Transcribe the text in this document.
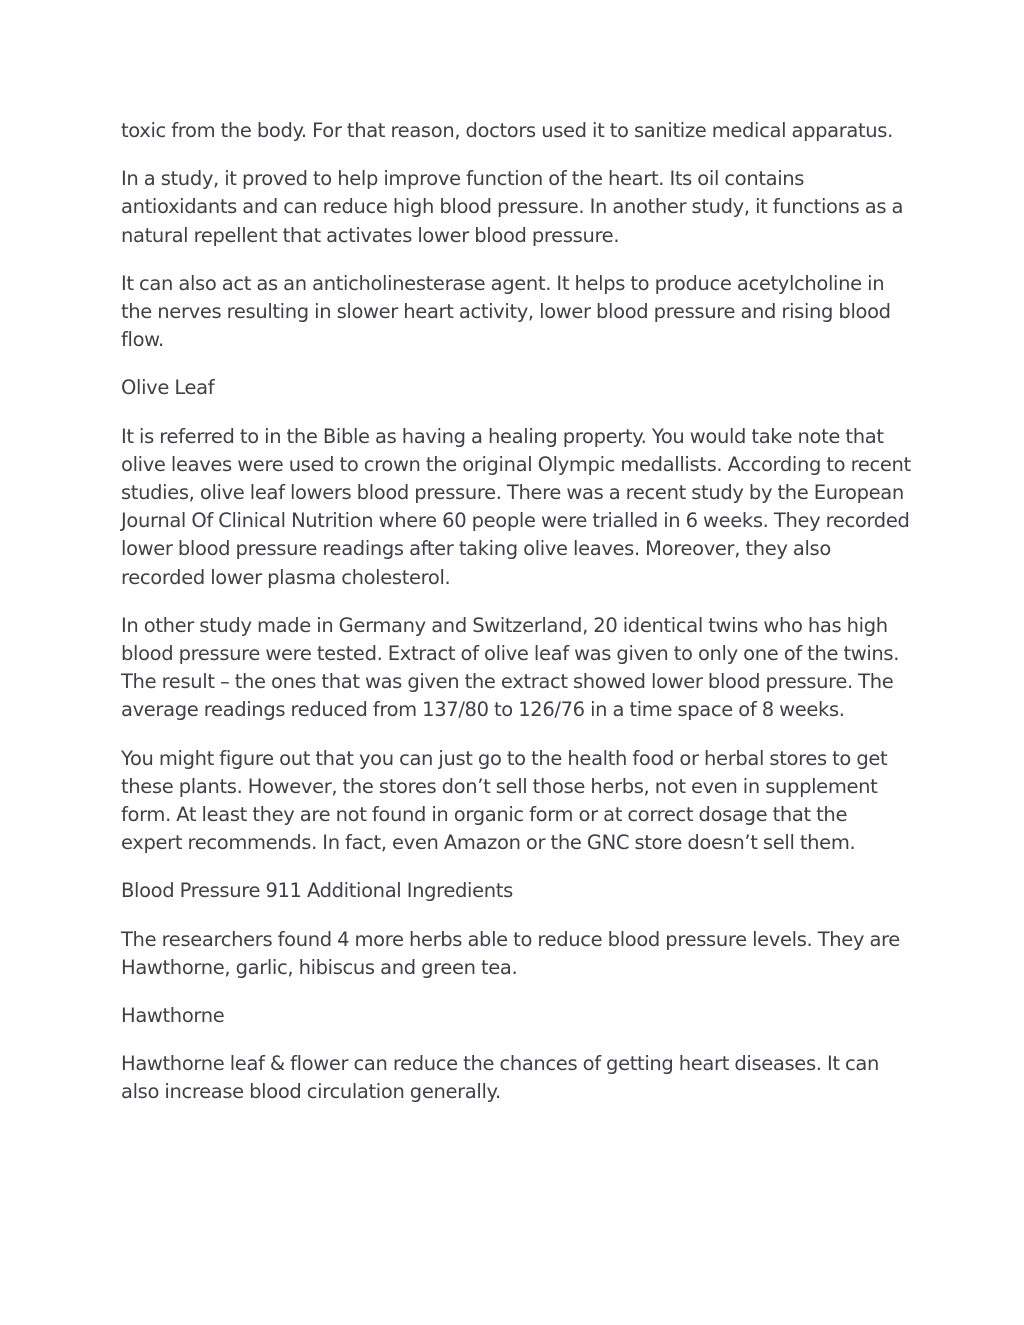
toxic from the body. For that reason, doctors used it to sanitize medical apparatus.

In a study, it proved to help improve function of the heart. Its oil contains antioxidants and can reduce high blood pressure. In another study, it functions as a natural repellent that activates lower blood pressure.

It can also act as an anticholinesterase agent. It helps to produce acetylcholine in the nerves resulting in slower heart activity, lower blood pressure and rising blood flow.

Olive Leaf

It is referred to in the Bible as having a healing property. You would take note that olive leaves were used to crown the original Olympic medallists. According to recent studies, olive leaf lowers blood pressure. There was a recent study by the European Journal Of Clinical Nutrition where 60 people were trialled in 6 weeks. They recorded lower blood pressure readings after taking olive leaves. Moreover, they also recorded lower plasma cholesterol.

In other study made in Germany and Switzerland, 20 identical twins who has high blood pressure were tested. Extract of olive leaf was given to only one of the twins. The result – the ones that was given the extract showed lower blood pressure. The average readings reduced from 137/80 to 126/76 in a time space of 8 weeks.

You might figure out that you can just go to the health food or herbal stores to get these plants. However, the stores don’t sell those herbs, not even in supplement form. At least they are not found in organic form or at correct dosage that the expert recommends. In fact, even Amazon or the GNC store doesn’t sell them.

Blood Pressure 911 Additional Ingredients

The researchers found 4 more herbs able to reduce blood pressure levels. They are Hawthorne, garlic, hibiscus and green tea.

Hawthorne

Hawthorne leaf & flower can reduce the chances of getting heart diseases. It can also increase blood circulation generally.
